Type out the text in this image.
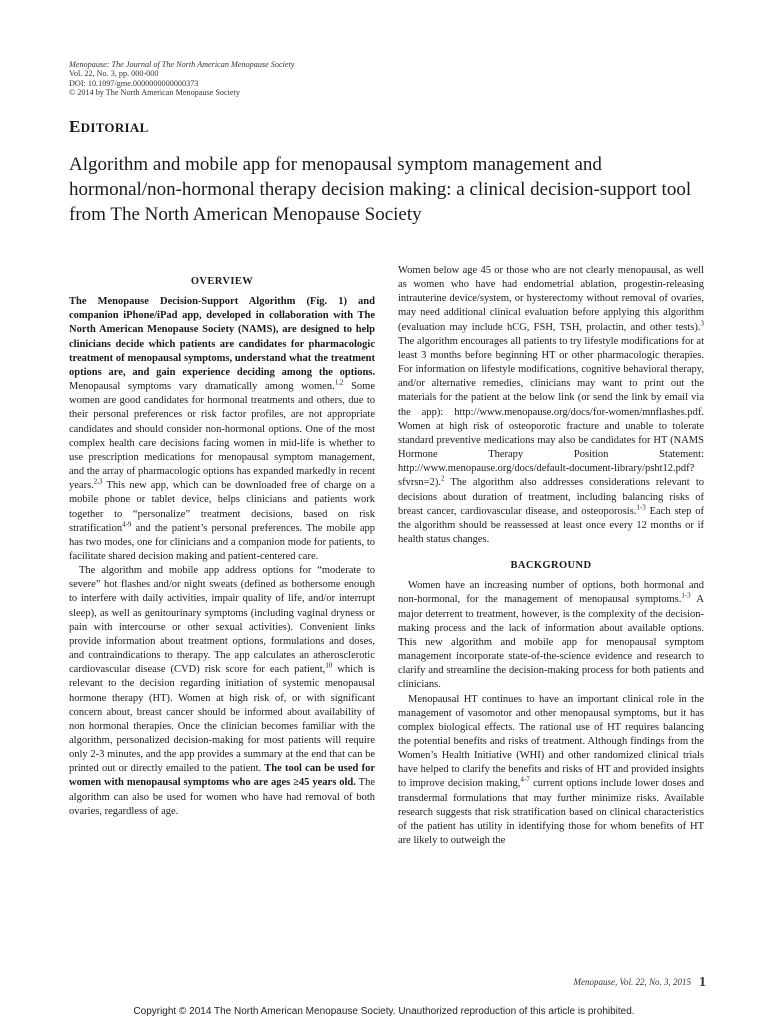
Menopause: The Journal of The North American Menopause Society
Vol. 22, No. 3, pp. 000-000
DOI: 10.1097/gme.0000000000000373
© 2014 by The North American Menopause Society
EDITORIAL
Algorithm and mobile app for menopausal symptom management and hormonal/non-hormonal therapy decision making: a clinical decision-support tool from The North American Menopause Society
OVERVIEW

The Menopause Decision-Support Algorithm (Fig. 1) and companion iPhone/iPad app, developed in collaboration with The North American Menopause Society (NAMS), are designed to help clinicians decide which patients are candidates for pharmacologic treatment of menopausal symptoms, understand what the treatment options are, and gain experience deciding among the options. Menopausal symptoms vary dramatically among women.$^{1,2}$ Some women are good candidates for hormonal treatments and others, due to their personal preferences or risk factor profiles, are not appropriate candidates and should consider non-hormonal options. One of the most complex health care decisions facing women in mid-life is whether to use prescription medications for menopausal symptom management, and the array of pharmacologic options has expanded markedly in recent years.$^{2,3}$ This new app, which can be downloaded free of charge on a mobile phone or tablet device, helps clinicians and patients work together to “personalize” treatment decisions, based on risk stratification$^{4-9}$ and the patient’s personal preferences. The mobile app has two modes, one for clinicians and a companion mode for patients, to facilitate shared decision making and patient-centered care.

The algorithm and mobile app address options for “moderate to severe” hot flashes and/or night sweats (defined as bothersome enough to interfere with daily activities, impair quality of life, and/or interrupt sleep), as well as genitourinary symptoms (including vaginal dryness or pain with intercourse or other sexual activities). Convenient links provide information about treatment options, formulations and doses, and contraindications to therapy. The app calculates an atherosclerotic cardiovascular disease (CVD) risk score for each patient,$^{10}$ which is relevant to the decision regarding initiation of systemic menopausal hormone therapy (HT). Women at high risk of, or with significant concern about, breast cancer should be informed about availability of non hormonal therapies. Once the clinician becomes familiar with the algorithm, personalized decision-making for most patients will require only 2-3 minutes, and the app provides a summary at the end that can be printed out or directly emailed to the patient. The tool can be used for women with menopausal symptoms who are ages ≥45 years old. The algorithm can also be used for women who have had removal of both ovaries, regardless of age.

Women below age 45 or those who are not clearly menopausal, as well as women who have had endometrial ablation, progestin-releasing intrauterine device/system, or hysterectomy without removal of ovaries, may need additional clinical evaluation before applying this algorithm (evaluation may include hCG, FSH, TSH, prolactin, and other tests).$^3$ The algorithm encourages all patients to try lifestyle modifications for at least 3 months before beginning HT or other pharmacologic therapies. For information on lifestyle modifications, cognitive behavioral therapy, and/or alternative remedies, clinicians may want to print out the materials for the patient at the below link (or send the link by email via the app): http://www.menopause.org/docs/for-women/mnflashes.pdf. Women at high risk of osteoporotic fracture and unable to tolerate standard preventive medications may also be candidates for HT (NAMS Hormone Therapy Position Statement: http://www.menopause.org/docs/default-document-library/psht12.pdf?sfvrsn=2).$^2$ The algorithm also addresses considerations relevant to decisions about duration of treatment, including balancing risks of breast cancer, cardiovascular disease, and osteoporosis.$^{1-3}$ Each step of the algorithm should be reassessed at least once every 12 months or if health status changes.

BACKGROUND

Women have an increasing number of options, both hormonal and non-hormonal, for the management of menopausal symptoms.$^{1-3}$ A major deterrent to treatment, however, is the complexity of the decision-making process and the lack of information about available options. This new algorithm and mobile app for menopausal symptom management incorporate state-of-the-science evidence and research to clarify and streamline the decision-making process for both patients and clinicians.

Menopausal HT continues to have an important clinical role in the management of vasomotor and other menopausal symptoms, but it has complex biological effects. The rational use of HT requires balancing the potential benefits and risks of treatment. Although findings from the Women’s Health Initiative (WHI) and other randomized clinical trials have helped to clarify the benefits and risks of HT and provided insights to improve decision making,$^{4-7}$ current options include lower doses and transdermal formulations that may further minimize risks. Available research suggests that risk stratification based on clinical characteristics of the patient has utility in identifying those for whom benefits of HT are likely to outweigh the

Menopause, Vol. 22, No. 3, 2015 1
Copyright © 2014 The North American Menopause Society. Unauthorized reproduction of this article is prohibited.
